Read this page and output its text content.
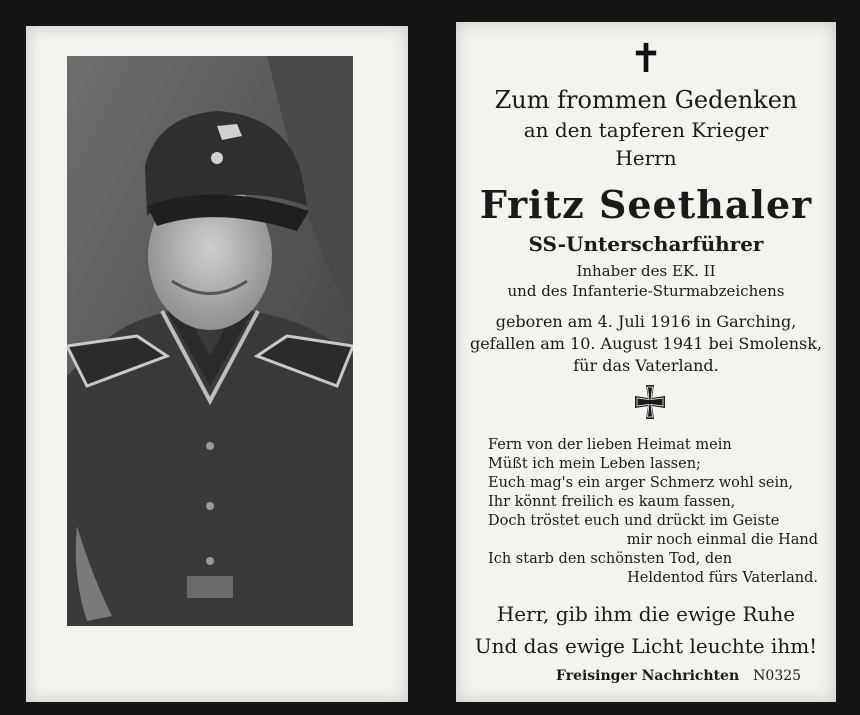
✝
Zum frommen Gedenken
an den tapferen Krieger
Herrn
Fritz Seethaler
SS-Unterscharführer
Inhaber des EK. II
und des Infanterie-Sturmabzeichens
geboren am 4. Juli 1916 in Garching,
gefallen am 10. August 1941 bei Smolensk,
für das Vaterland.
Fern von der lieben Heimat mein
Müßt ich mein Leben lassen;
Euch mag's ein arger Schmerz wohl sein,
Ihr könnt freilich es kaum fassen,
Doch tröstet euch und drückt im Geiste
mir noch einmal die Hand
Ich starb den schönsten Tod, den
Heldentod fürs Vaterland.
Herr, gib ihm die ewige Ruhe
Und das ewige Licht leuchte ihm!
Freisinger Nachrichten N0325
